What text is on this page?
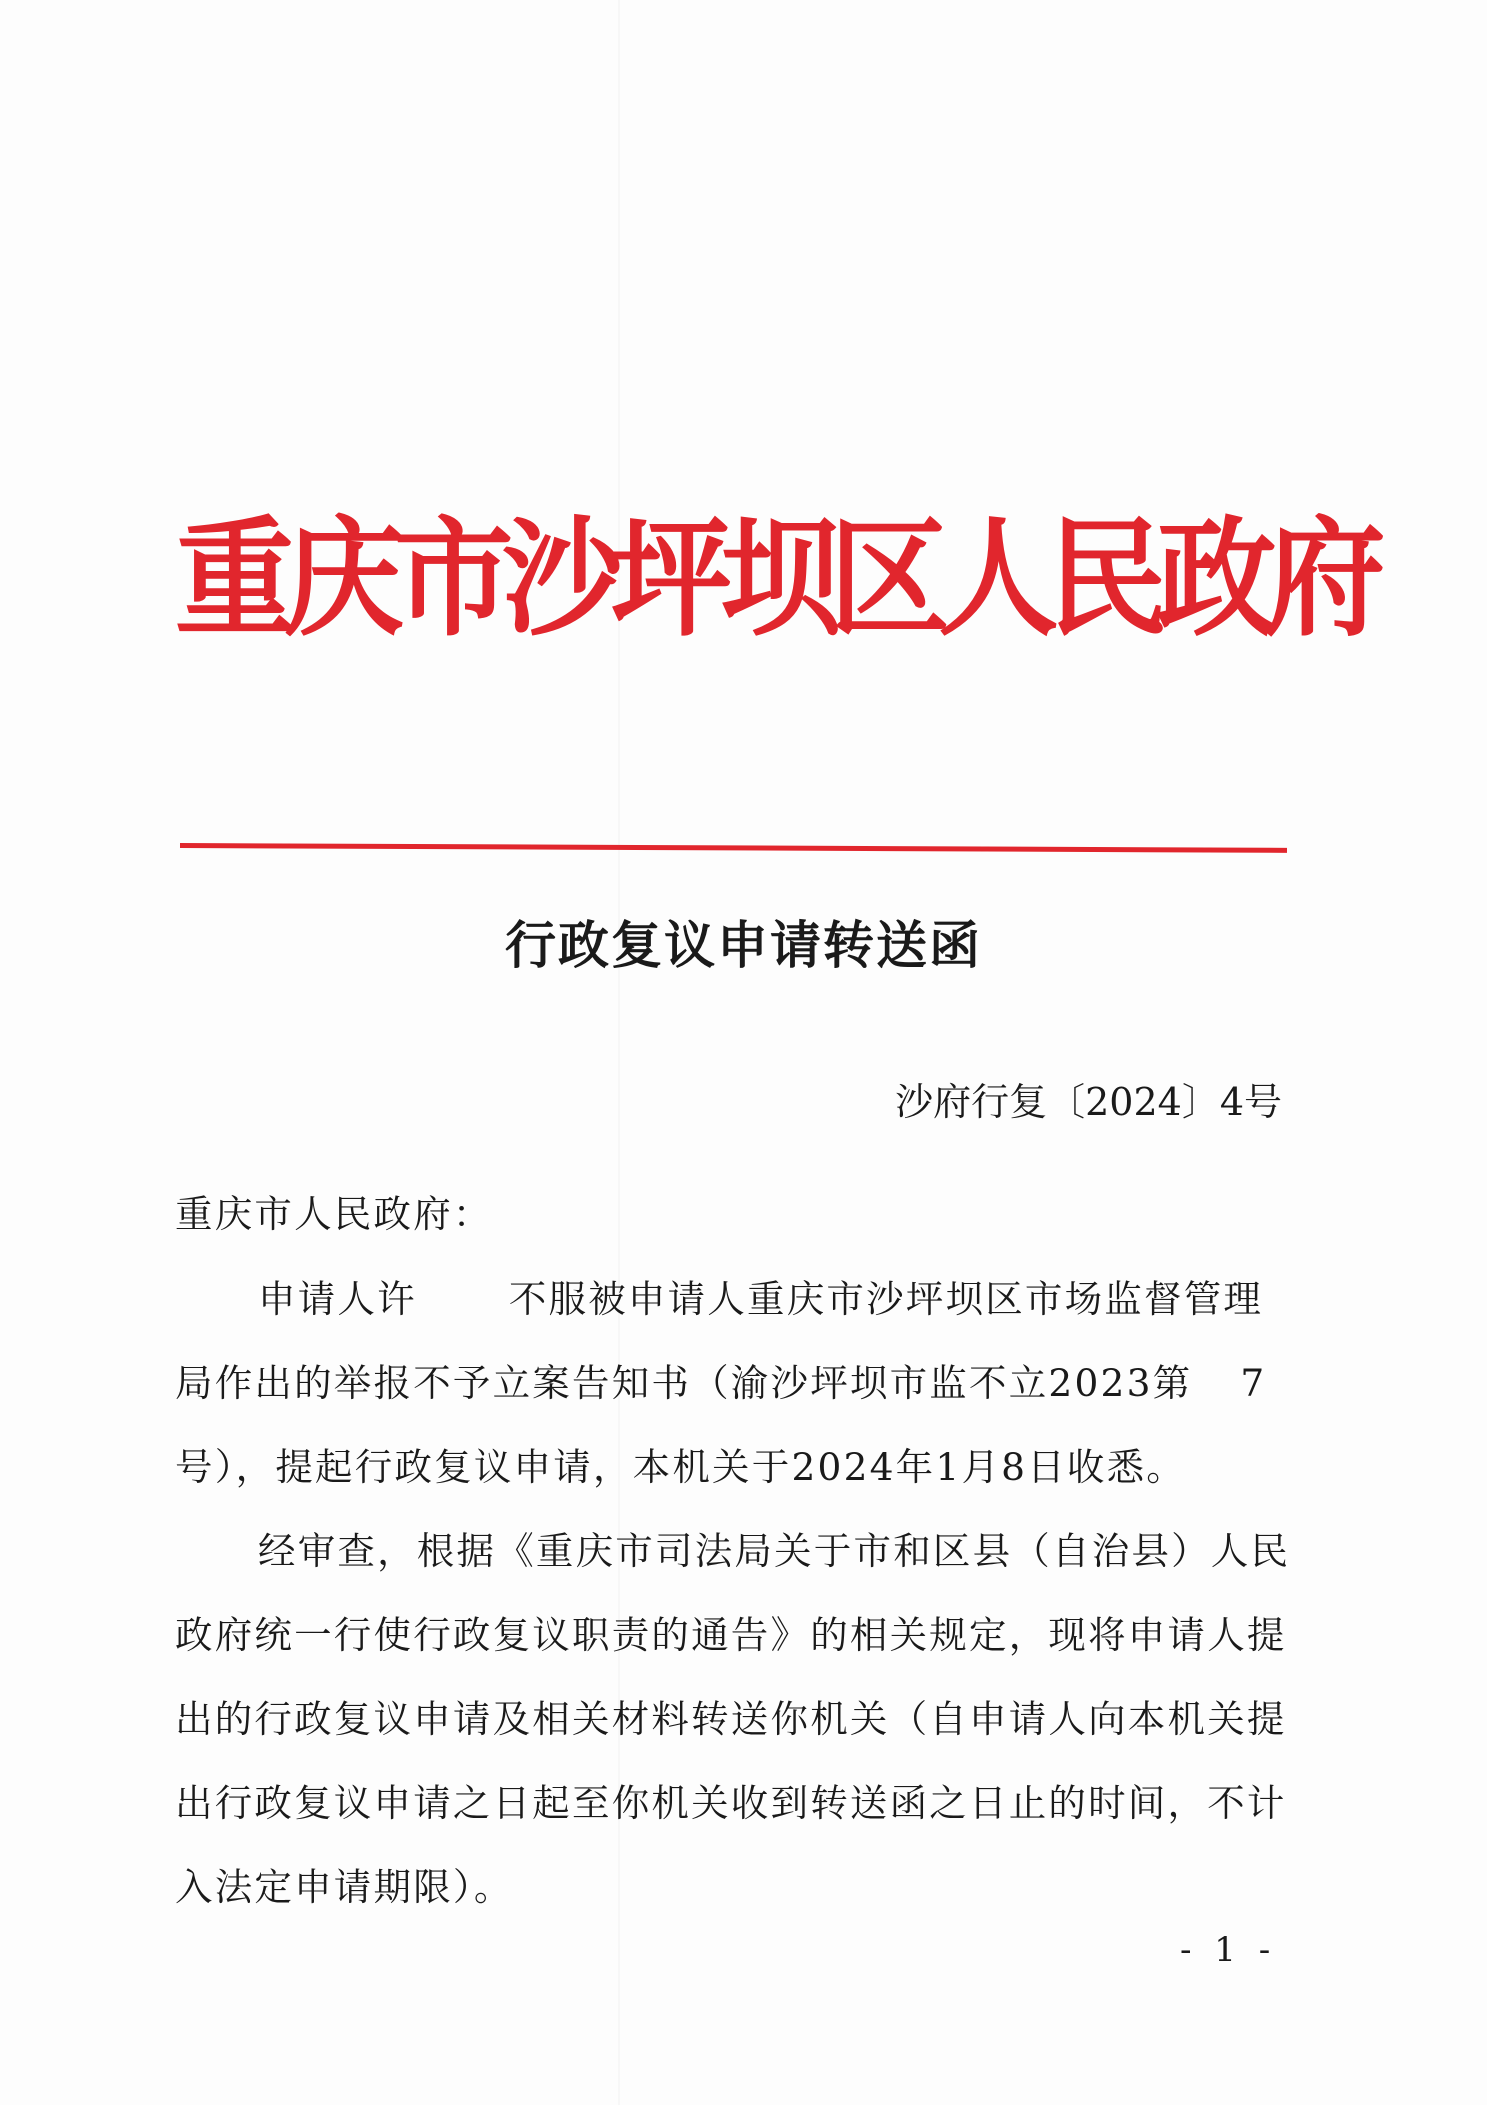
重庆市沙坪坝区人民政府
行政复议申请转送函
沙府行复〔2024〕4号
重庆市人民政府：
申请人许 不服被申请人重庆市沙坪坝区市场监督管理
局作出的举报不予立案告知书（渝沙坪坝市监不立2023第 7
号），提起行政复议申请，本机关于2024年1月8日收悉。
经审查，根据《重庆市司法局关于市和区县（自治县）人民
政府统一行使行政复议职责的通告》的相关规定，现将申请人提
出的行政复议申请及相关材料转送你机关（自申请人向本机关提
出行政复议申请之日起至你机关收到转送函之日止的时间，不计
入法定申请期限）。
- 1 -
